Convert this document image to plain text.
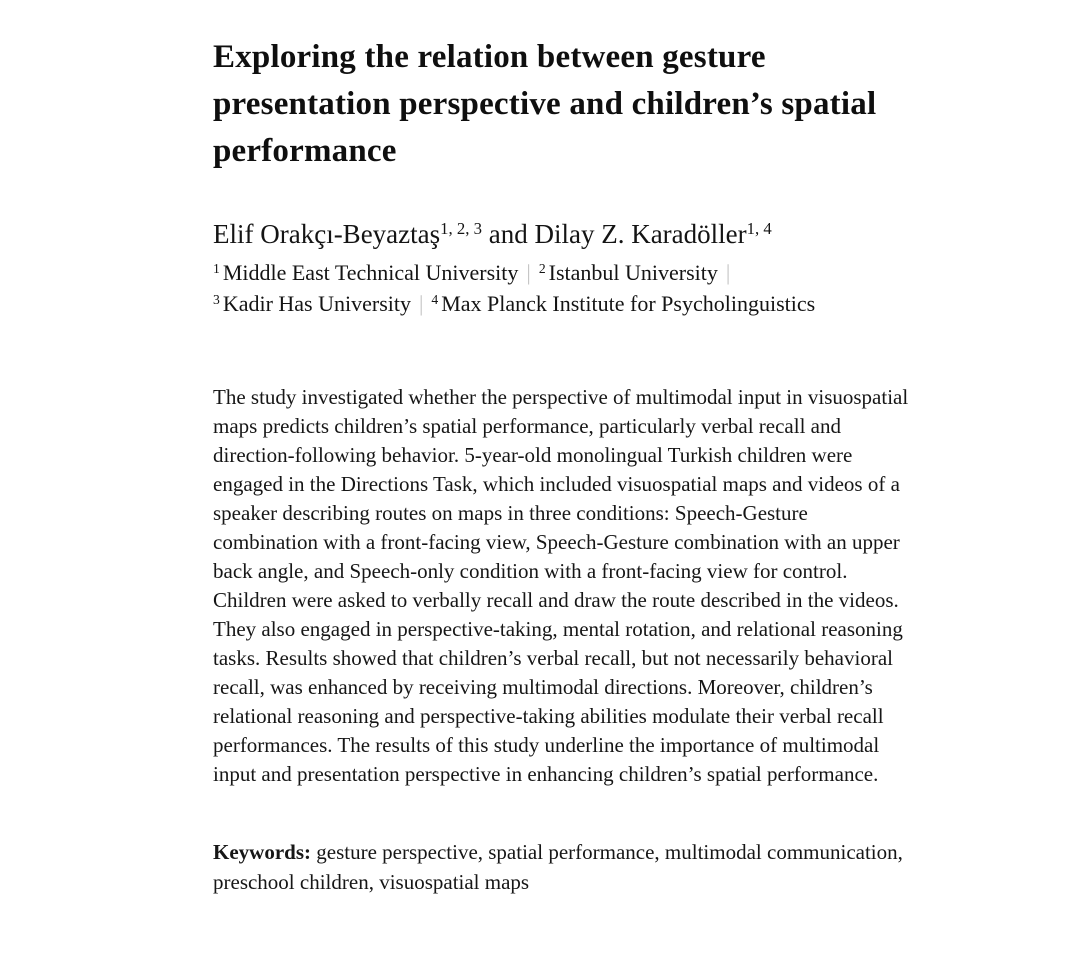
Exploring the relation between gesture presentation perspective and children’s spatial performance
Elif Orakçı-Beyaztaş$^{1, 2, 3}$ and Dilay Z. Karadöller$^{1, 4}$
$^1$ Middle East Technical University | $^2$ Istanbul University |
$^3$ Kadir Has University | $^4$ Max Planck Institute for Psycholinguistics

The study investigated whether the perspective of multimodal input in visuospatial maps predicts children’s spatial performance, particularly verbal recall and direction-following behavior. 5-year-old monolingual Turkish children were engaged in the Directions Task, which included visuospatial maps and videos of a speaker describing routes on maps in three conditions: Speech-Gesture combination with a front-facing view, Speech-Gesture combination with an upper back angle, and Speech-only condition with a front-facing view for control. Children were asked to verbally recall and draw the route described in the videos. They also engaged in perspective-taking, mental rotation, and relational reasoning tasks. Results showed that children’s verbal recall, but not necessarily behavioral recall, was enhanced by receiving multimodal directions. Moreover, children’s relational reasoning and perspective-taking abilities modulate their verbal recall performances. The results of this study underline the importance of multimodal input and presentation perspective in enhancing children’s spatial performance.

Keywords: gesture perspective, spatial performance, multimodal communication, preschool children, visuospatial maps
